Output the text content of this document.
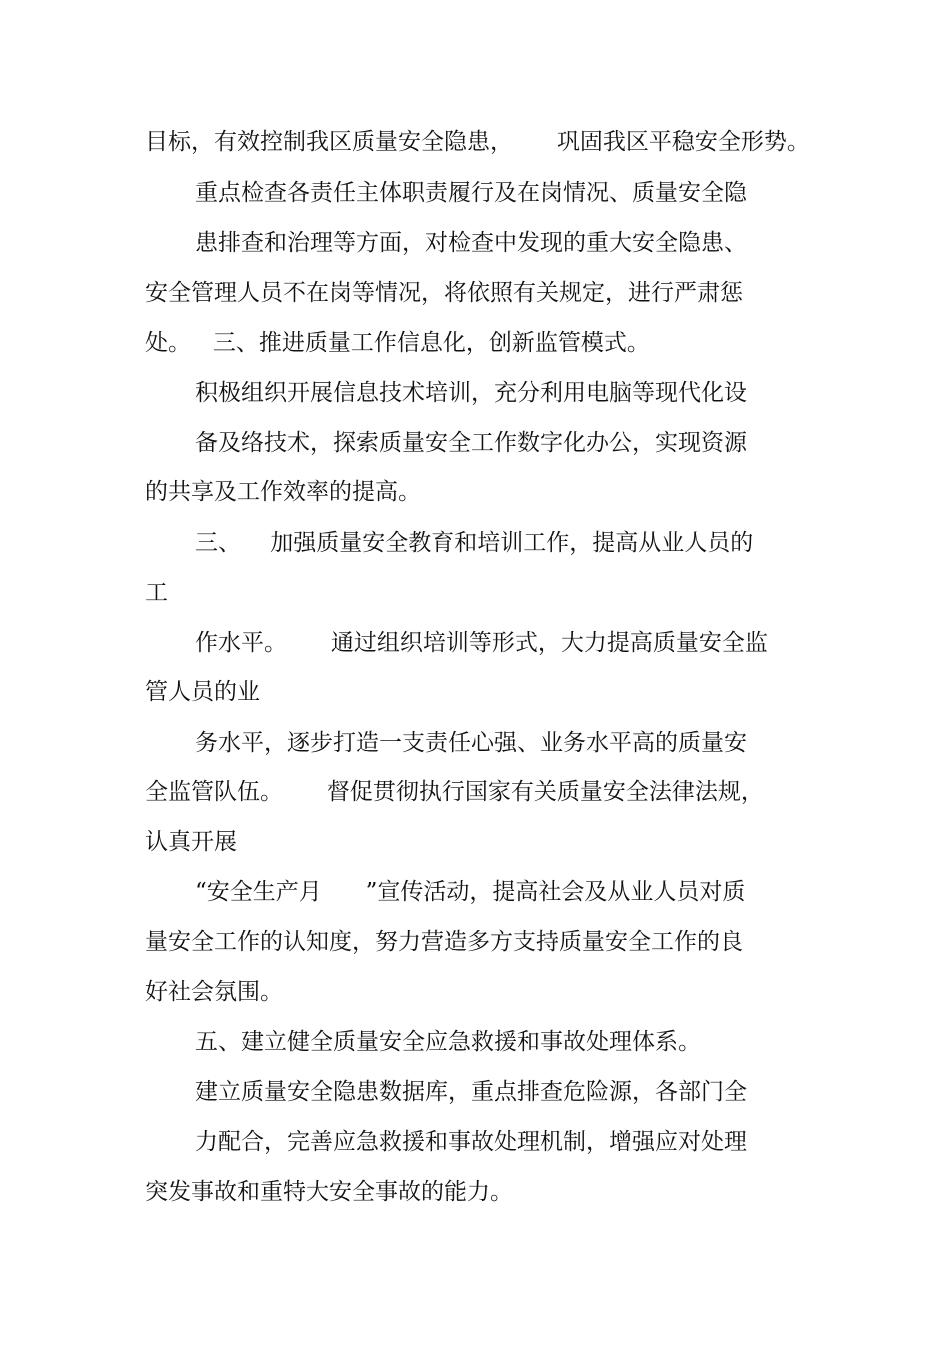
目标，有效控制我区质量安全隐患，      巩固我区平稳安全形势。

重点检查各责任主体职责履行及在岗情况、质量安全隐

患排查和治理等方面，对检查中发现的重大安全隐患、

安全管理人员不在岗等情况，将依照有关规定，进行严肃惩

处。   三、推进质量工作信息化，创新监管模式。

积极组织开展信息技术培训，充分利用电脑等现代化设

备及络技术，探索质量安全工作数字化办公，实现资源

的共享及工作效率的提高。

三、    加强质量安全教育和培训工作，提高从业人员的

工

作水平。      通过组织培训等形式，大力提高质量安全监

管人员的业

务水平，逐步打造一支责任心强、业务水平高的质量安

全监管队伍。      督促贯彻执行国家有关质量安全法律法规，

认真开展

“安全生产月      ”宣传活动，提高社会及从业人员对质

量安全工作的认知度，努力营造多方支持质量安全工作的良

好社会氛围。

五、建立健全质量安全应急救援和事故处理体系。

建立质量安全隐患数据库，重点排查危险源，各部门全

力配合，完善应急救援和事故处理机制，增强应对处理

突发事故和重特大安全事故的能力。
